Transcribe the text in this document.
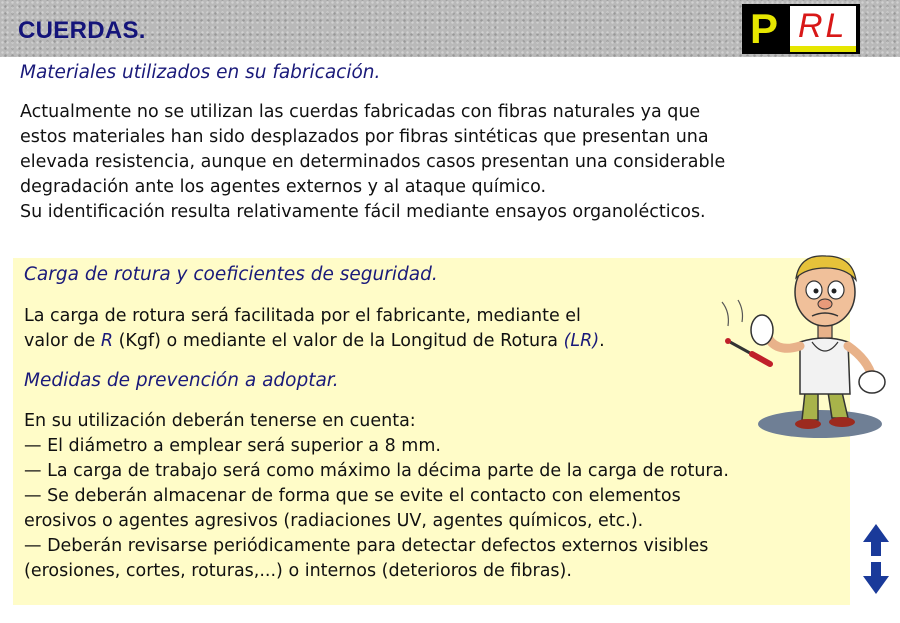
CUERDAS.	P RL
Materiales utilizados en su fabricación.
Actualmente no se utilizan las cuerdas fabricadas con fibras naturales ya que
estos materiales han sido desplazados por fibras sintéticas que presentan una
elevada resistencia, aunque en determinados casos presentan una considerable
degradación ante los agentes externos y al ataque químico.
Su identificación resulta relativamente fácil mediante ensayos organolécticos.
Carga de rotura y coeficientes de seguridad.
La carga de rotura será facilitada por el fabricante, mediante el
valor de R (Kgf) o mediante el valor de la Longitud de Rotura (LR).
Medidas de prevención a adoptar.
En su utilización deberán tenerse en cuenta:
— El diámetro a emplear será superior a 8 mm.
— La carga de trabajo será como máximo la décima parte de la carga de rotura.
— Se deberán almacenar de forma que se evite el contacto con elementos
erosivos o agentes agresivos (radiaciones UV, agentes químicos, etc.).
— Deberán revisarse periódicamente para detectar defectos externos visibles
(erosiones, cortes, roturas,...) o internos (deterioros de fibras).
